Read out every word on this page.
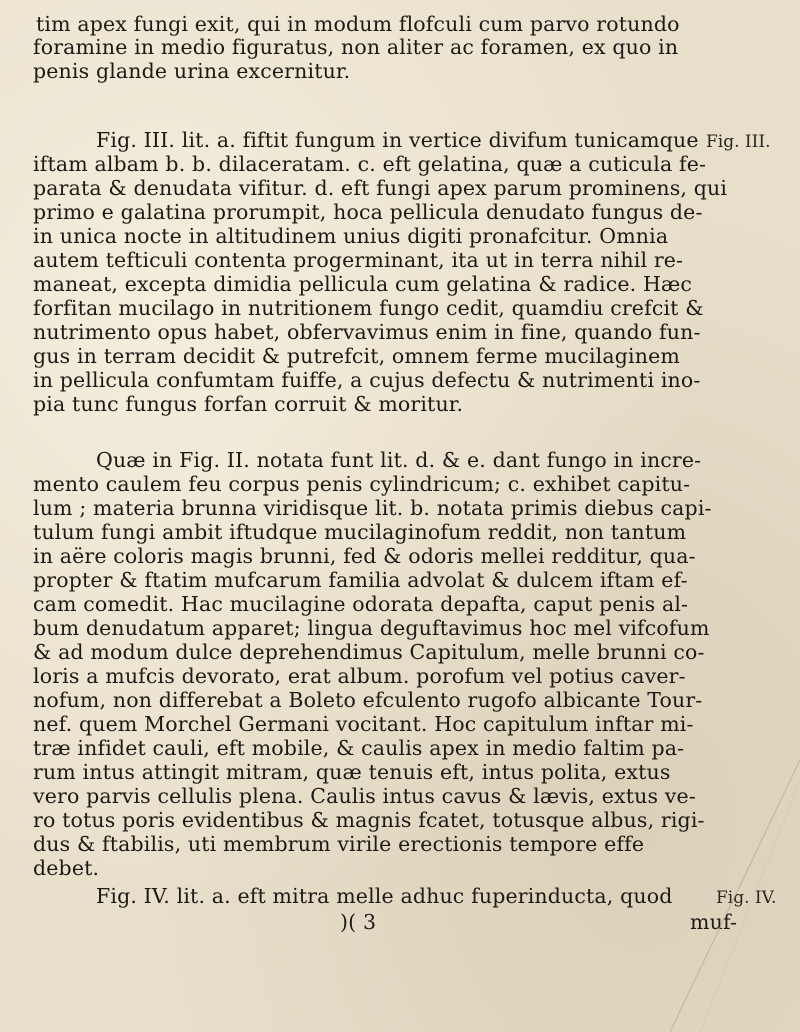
tim apex fungi exit, qui in modum flofculi cum parvo rotundo
foramine in medio figuratus, non aliter ac foramen, ex quo in
penis glande urina excernitur.
Fig. III. lit. a. fiftit fungum in vertice divifum tunicamque Fig. III.
iftam albam b. b. dilaceratam. c. eft gelatina, quæ a cuticula fe-
parata & denudata vifitur. d. eft fungi apex parum prominens, qui
primo e galatina prorumpit, hoca pellicula denudato fungus de-
in unica nocte in altitudinem unius digiti pronafcitur. Omnia
autem tefticuli contenta progerminant, ita ut in terra nihil re-
maneat, excepta dimidia pellicula cum gelatina & radice. Hæc
forfitan mucilago in nutritionem fungo cedit, quamdiu crefcit &
nutrimento opus habet, obfervavimus enim in fine, quando fun-
gus in terram decidit & putrefcit, omnem ferme mucilaginem
in pellicula confumtam fuiffe, a cujus defectu & nutrimenti ino-
pia tunc fungus forfan corruit & moritur.
Quæ in Fig. II. notata funt lit. d. & e. dant fungo in incre-
mento caulem feu corpus penis cylindricum; c. exhibet capitu-
lum ; materia brunna viridisque lit. b. notata primis diebus capi-
tulum fungi ambit iftudque mucilaginofum reddit, non tantum
in aëre coloris magis brunni, fed & odoris mellei redditur, qua-
propter & ftatim mufcarum familia advolat & dulcem iftam ef-
cam comedit. Hac mucilagine odorata depafta, caput penis al-
bum denudatum apparet; lingua deguftavimus hoc mel vifcofum
& ad modum dulce deprehendimus Capitulum, melle brunni co-
loris a mufcis devorato, erat album. porofum vel potius caver-
nofum, non differebat a Boleto efculento rugofo albicante Tour-
nef. quem Morchel Germani vocitant. Hoc capitulum inftar mi-
træ infidet cauli, eft mobile, & caulis apex in medio faltim pa-
rum intus attingit mitram, quæ tenuis eft, intus polita, extus
vero parvis cellulis plena. Caulis intus cavus & lævis, extus ve-
ro totus poris evidentibus & magnis fcatet, totusque albus, rigi-
dus & ftabilis, uti membrum virile erectionis tempore effe
debet.
Fig. IV. lit. a. eft mitra melle adhuc fuperinducta, quod	Fig. IV.
)( 3	muf-
